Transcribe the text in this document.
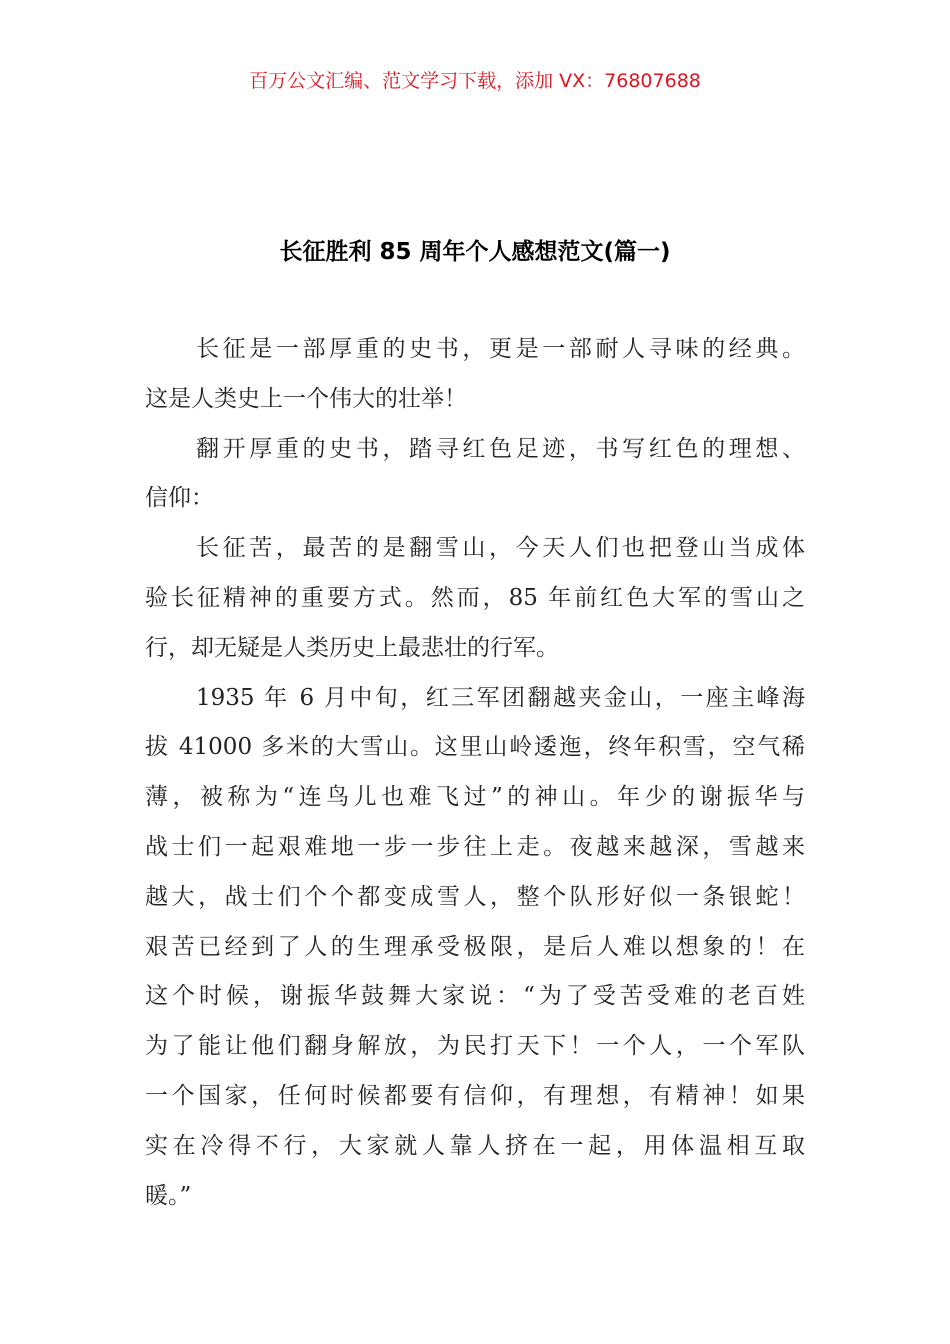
百万公文汇编、范文学习下载，添加 VX：76807688
长征胜利 85 周年个人感想范文(篇一)
长征是一部厚重的史书，更是一部耐人寻味的经典。
这是人类史上一个伟大的壮举！
翻开厚重的史书，踏寻红色足迹，书写红色的理想、
信仰：
长征苦，最苦的是翻雪山，今天人们也把登山当成体
验长征精神的重要方式。然而，85 年前红色大军的雪山之
行，却无疑是人类历史上最悲壮的行军。
1935 年 6 月中旬，红三军团翻越夹金山，一座主峰海
拔 41000 多米的大雪山。这里山岭逶迤，终年积雪，空气稀
薄，被称为“连鸟儿也难飞过”的神山。年少的谢振华与
战士们一起艰难地一步一步往上走。夜越来越深，雪越来
越大，战士们个个都变成雪人，整个队形好似一条银蛇！
艰苦已经到了人的生理承受极限，是后人难以想象的！在
这个时候，谢振华鼓舞大家说：“为了受苦受难的老百姓
为了能让他们翻身解放，为民打天下！一个人，一个军队
一个国家，任何时候都要有信仰，有理想，有精神！如果
实在冷得不行，大家就人靠人挤在一起，用体温相互取
暖。”
